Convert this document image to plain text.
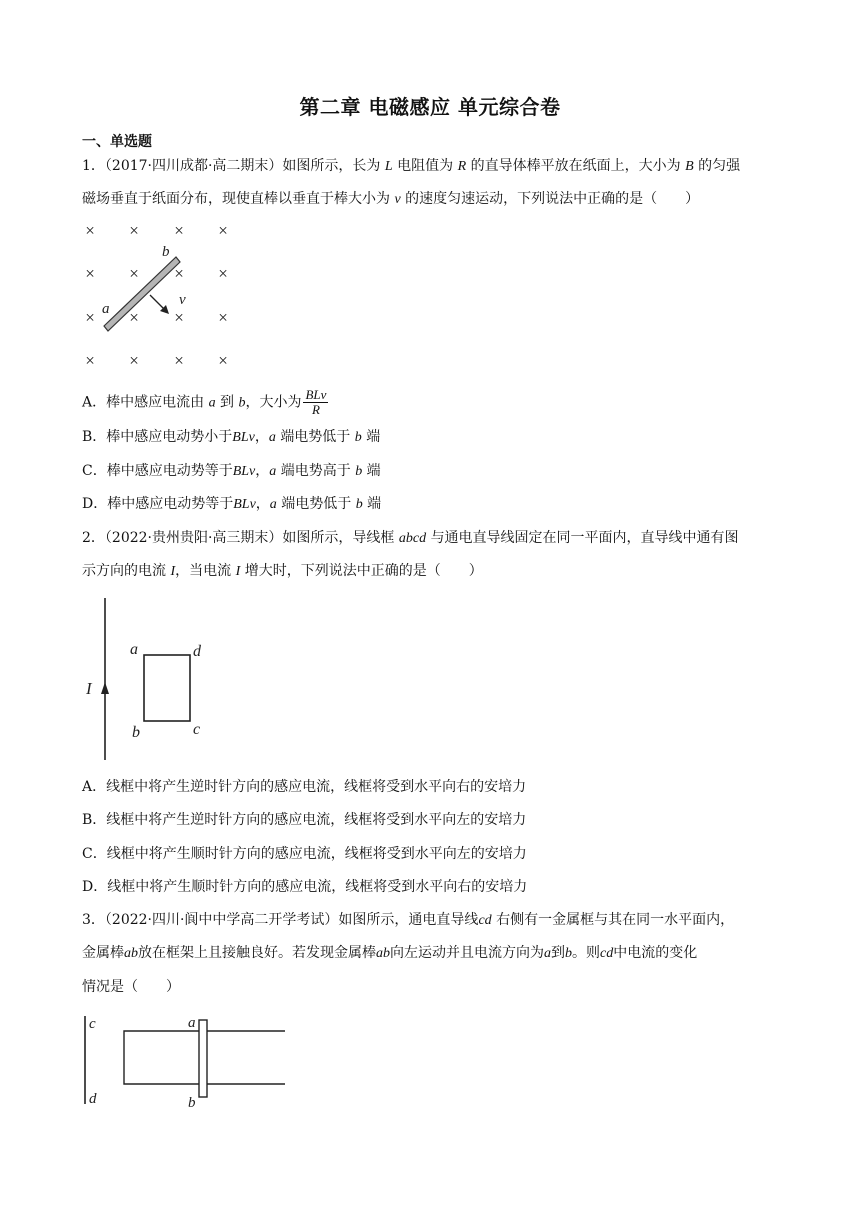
第二章 电磁感应 单元综合卷
一、单选题
1．（2017·四川成都·高二期末）如图所示，长为 L 电阻值为 R 的直导体棒平放在纸面上，大小为 B 的匀强
磁场垂直于纸面分布，现使直棒以垂直于棒大小为 v 的速度匀速运动，下列说法中正确的是（　　）
× × × ×
× × × ×
× × × ×
× × × ×
b
a
v
A．棒中感应电流由 a 到 b，大小为 $\frac{\text{BLv}}{R}$
B．棒中感应电动势小于BLv，a 端电势低于 b 端
C．棒中感应电动势等于BLv，a 端电势高于 b 端
D．棒中感应电动势等于BLv，a 端电势低于 b 端
2．（2022·贵州贵阳·高三期末）如图所示，导线框 abcd 与通电直导线固定在同一平面内，直导线中通有图
示方向的电流 I，当电流 I 增大时，下列说法中正确的是（　　）
I
a	d
b	c
A．线框中将产生逆时针方向的感应电流，线框将受到水平向右的安培力
B．线框中将产生逆时针方向的感应电流，线框将受到水平向左的安培力
C．线框中将产生顺时针方向的感应电流，线框将受到水平向左的安培力
D．线框中将产生顺时针方向的感应电流，线框将受到水平向右的安培力
3．（2022·四川·阆中中学高二开学考试）如图所示，通电直导线cd 右侧有一金属框与其在同一水平面内，
金属棒ab放在框架上且接触良好。若发现金属棒ab向左运动并且电流方向为a到b。则cd中电流的变化
情况是（　　）
c
d
a
b
